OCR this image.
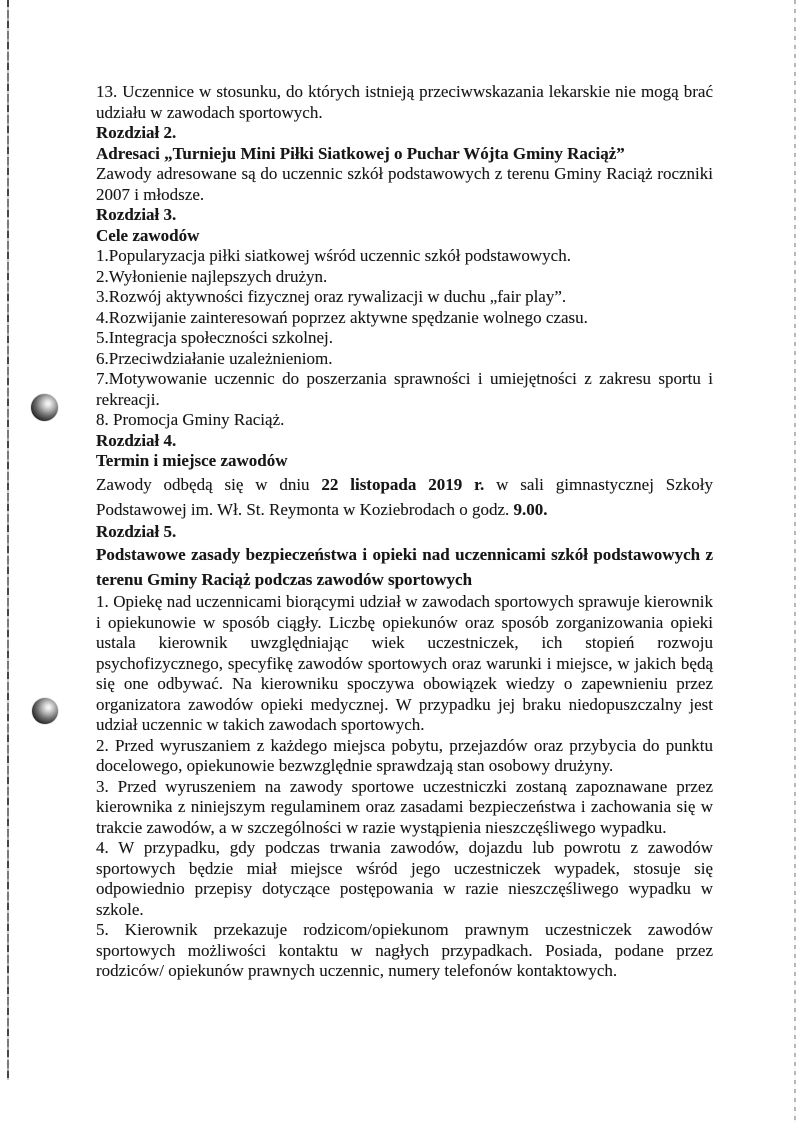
13. Uczennice w stosunku, do których istnieją przeciwwskazania lekarskie nie mogą brać udziału w zawodach sportowych.

Rozdział 2.

Adresaci „Turnieju Mini Piłki Siatkowej o Puchar Wójta Gminy Raciąż”

Zawody adresowane są do uczennic szkół podstawowych z terenu Gminy Raciąż roczniki 2007 i młodsze.

Rozdział 3.

Cele zawodów

1.Popularyzacja piłki siatkowej wśród uczennic szkół podstawowych.

2.Wyłonienie najlepszych drużyn.

3.Rozwój aktywności fizycznej oraz rywalizacji w duchu „fair play”.

4.Rozwijanie zainteresowań poprzez aktywne spędzanie wolnego czasu.

5.Integracja społeczności szkolnej.

6.Przeciwdziałanie uzależnieniom.

7.Motywowanie uczennic do poszerzania sprawności i umiejętności z zakresu sportu i rekreacji.

8. Promocja Gminy Raciąż.

Rozdział 4.

Termin i miejsce zawodów

Zawody odbędą się w dniu 22 listopada 2019 r. w sali gimnastycznej Szkoły Podstawowej im. Wł. St. Reymonta w Koziebrodach o godz. 9.00.

Rozdział 5.

Podstawowe zasady bezpieczeństwa i opieki nad uczennicami szkół podstawowych z terenu Gminy Raciąż podczas zawodów sportowych

1. Opiekę nad uczennicami biorącymi udział w zawodach sportowych sprawuje kierownik i opiekunowie w sposób ciągły. Liczbę opiekunów oraz sposób zorganizowania opieki ustala kierownik uwzględniając wiek uczestniczek, ich stopień rozwoju psychofizycznego, specyfikę zawodów sportowych oraz warunki i miejsce, w jakich będą się one odbywać. Na kierowniku spoczywa obowiązek wiedzy o zapewnieniu przez organizatora zawodów opieki medycznej. W przypadku jej braku niedopuszczalny jest udział uczennic w takich zawodach sportowych.

2. Przed wyruszaniem z każdego miejsca pobytu, przejazdów oraz przybycia do punktu docelowego, opiekunowie bezwzględnie sprawdzają stan osobowy drużyny.

3. Przed wyruszeniem na zawody sportowe uczestniczki zostaną zapoznawane przez kierownika z niniejszym regulaminem oraz zasadami bezpieczeństwa i zachowania się w trakcie zawodów, a w szczególności w razie wystąpienia nieszczęśliwego wypadku.

4. W przypadku, gdy podczas trwania zawodów, dojazdu lub powrotu z zawodów sportowych będzie miał miejsce wśród jego uczestniczek wypadek, stosuje się odpowiednio przepisy dotyczące postępowania w razie nieszczęśliwego wypadku w szkole.

5. Kierownik przekazuje rodzicom/opiekunom prawnym uczestniczek zawodów sportowych możliwości kontaktu w nagłych przypadkach. Posiada, podane przez rodziców/ opiekunów prawnych uczennic, numery telefonów kontaktowych.
